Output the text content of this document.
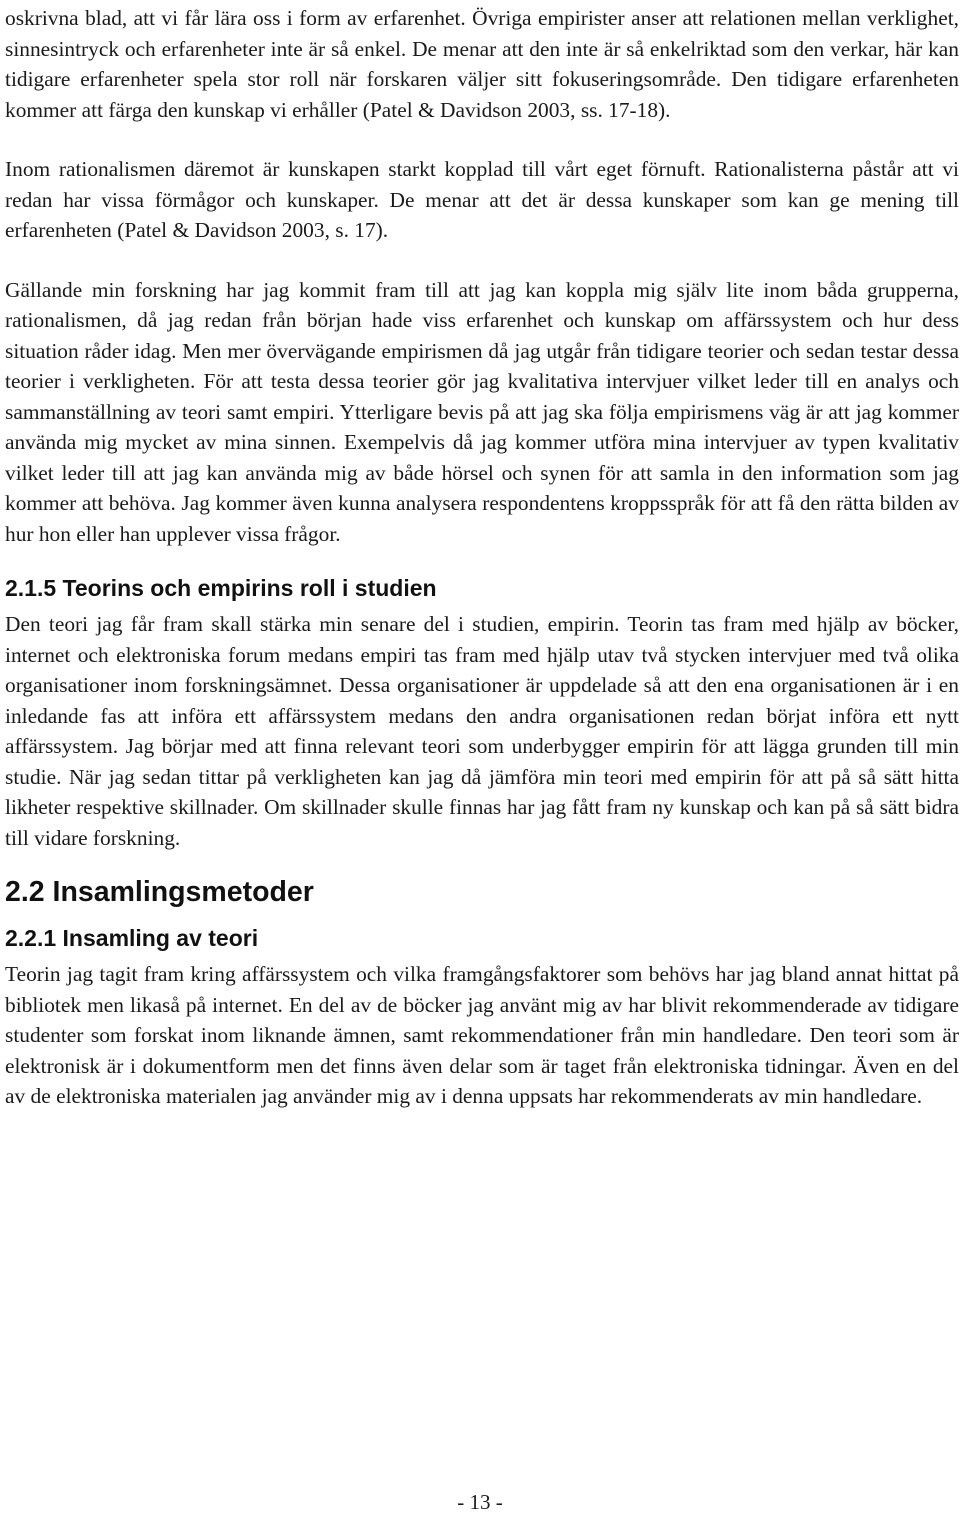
oskrivna blad, att vi får lära oss i form av erfarenhet. Övriga empirister anser att relationen mellan verklighet, sinnesintryck och erfarenheter inte är så enkel. De menar att den inte är så enkelriktad som den verkar, här kan tidigare erfarenheter spela stor roll när forskaren väljer sitt fokuseringsområde. Den tidigare erfarenheten kommer att färga den kunskap vi erhåller (Patel & Davidson 2003, ss. 17-18).

Inom rationalismen däremot är kunskapen starkt kopplad till vårt eget förnuft. Rationalisterna påstår att vi redan har vissa förmågor och kunskaper. De menar att det är dessa kunskaper som kan ge mening till erfarenheten (Patel & Davidson 2003, s. 17).

Gällande min forskning har jag kommit fram till att jag kan koppla mig själv lite inom båda grupperna, rationalismen, då jag redan från början hade viss erfarenhet och kunskap om affärssystem och hur dess situation råder idag. Men mer övervägande empirismen då jag utgår från tidigare teorier och sedan testar dessa teorier i verkligheten. För att testa dessa teorier gör jag kvalitativa intervjuer vilket leder till en analys och sammanställning av teori samt empiri. Ytterligare bevis på att jag ska följa empirismens väg är att jag kommer använda mig mycket av mina sinnen. Exempelvis då jag kommer utföra mina intervjuer av typen kvalitativ vilket leder till att jag kan använda mig av både hörsel och synen för att samla in den information som jag kommer att behöva. Jag kommer även kunna analysera respondentens kroppsspråk för att få den rätta bilden av hur hon eller han upplever vissa frågor.

2.1.5 Teorins och empirins roll i studien

Den teori jag får fram skall stärka min senare del i studien, empirin. Teorin tas fram med hjälp av böcker, internet och elektroniska forum medans empiri tas fram med hjälp utav två stycken intervjuer med två olika organisationer inom forskningsämnet. Dessa organisationer är uppdelade så att den ena organisationen är i en inledande fas att införa ett affärssystem medans den andra organisationen redan börjat införa ett nytt affärssystem. Jag börjar med att finna relevant teori som underbygger empirin för att lägga grunden till min studie. När jag sedan tittar på verkligheten kan jag då jämföra min teori med empirin för att på så sätt hitta likheter respektive skillnader. Om skillnader skulle finnas har jag fått fram ny kunskap och kan på så sätt bidra till vidare forskning.

2.2 Insamlingsmetoder
2.2.1 Insamling av teori

Teorin jag tagit fram kring affärssystem och vilka framgångsfaktorer som behövs har jag bland annat hittat på bibliotek men likaså på internet. En del av de böcker jag använt mig av har blivit rekommenderade av tidigare studenter som forskat inom liknande ämnen, samt rekommendationer från min handledare. Den teori som är elektronisk är i dokumentform men det finns även delar som är taget från elektroniska tidningar. Även en del av de elektroniska materialen jag använder mig av i denna uppsats har rekommenderats av min handledare.

- 13 -
